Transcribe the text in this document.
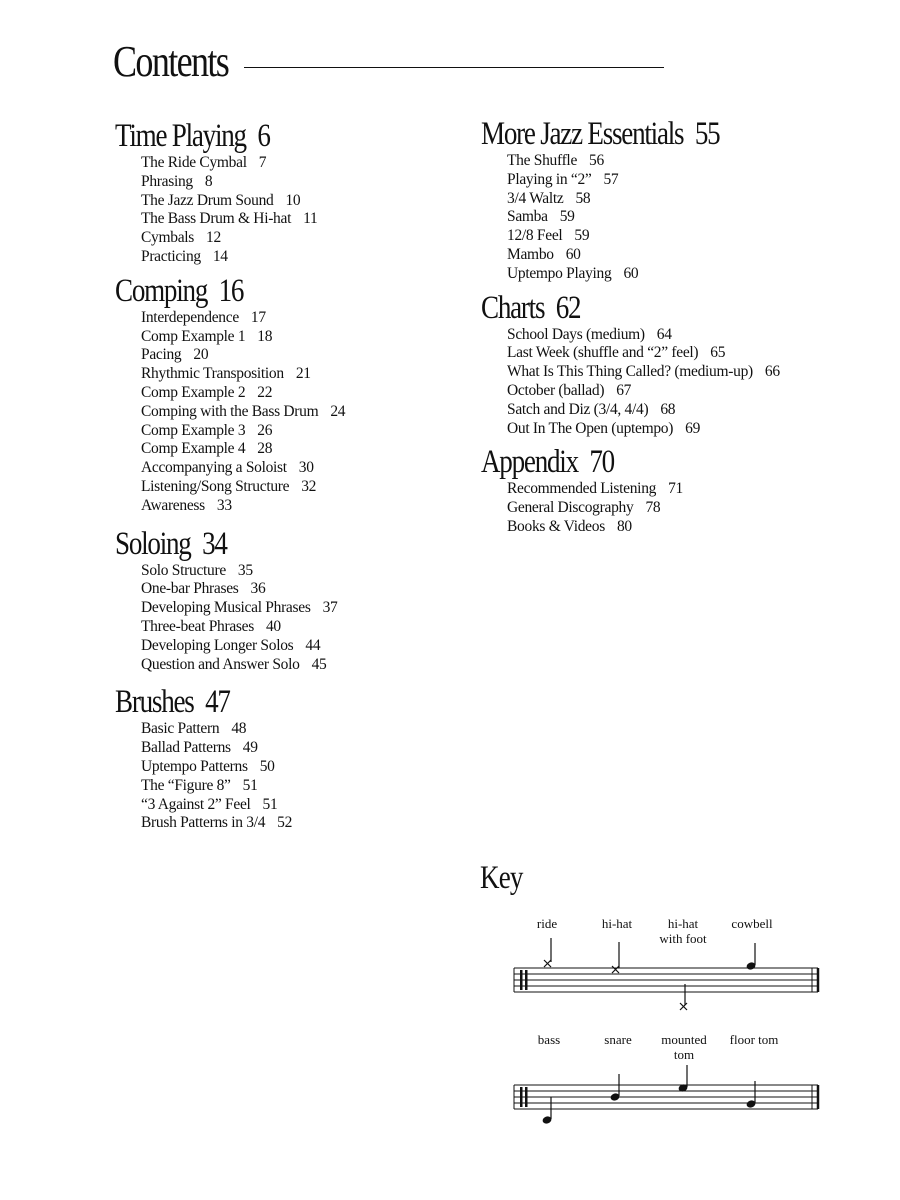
Contents
Time Playing 6
The Ride Cymbal 7
Phrasing 8
The Jazz Drum Sound 10
The Bass Drum & Hi-hat 11
Cymbals 12
Practicing 14
Comping 16
Interdependence 17
Comp Example 1 18
Pacing 20
Rhythmic Transposition 21
Comp Example 2 22
Comping with the Bass Drum 24
Comp Example 3 26
Comp Example 4 28
Accompanying a Soloist 30
Listening/Song Structure 32
Awareness 33
Soloing 34
Solo Structure 35
One-bar Phrases 36
Developing Musical Phrases 37
Three-beat Phrases 40
Developing Longer Solos 44
Question and Answer Solo 45
Brushes 47
Basic Pattern 48
Ballad Patterns 49
Uptempo Patterns 50
The “Figure 8” 51
“3 Against 2” Feel 51
Brush Patterns in 3/4 52
More Jazz Essentials 55
The Shuffle 56
Playing in “2” 57
3/4 Waltz 58
Samba 59
12/8 Feel 59
Mambo 60
Uptempo Playing 60
Charts 62
School Days (medium) 64
Last Week (shuffle and “2” feel) 65
What Is This Thing Called? (medium-up) 66
October (ballad) 67
Satch and Diz (3/4, 4/4) 68
Out In The Open (uptempo) 69
Appendix 70
Recommended Listening 71
General Discography 78
Books & Videos 80
Key
ride	hi-hat	hi-hat
with foot
cowbell
bass	snare mounted
tom
floor tom
